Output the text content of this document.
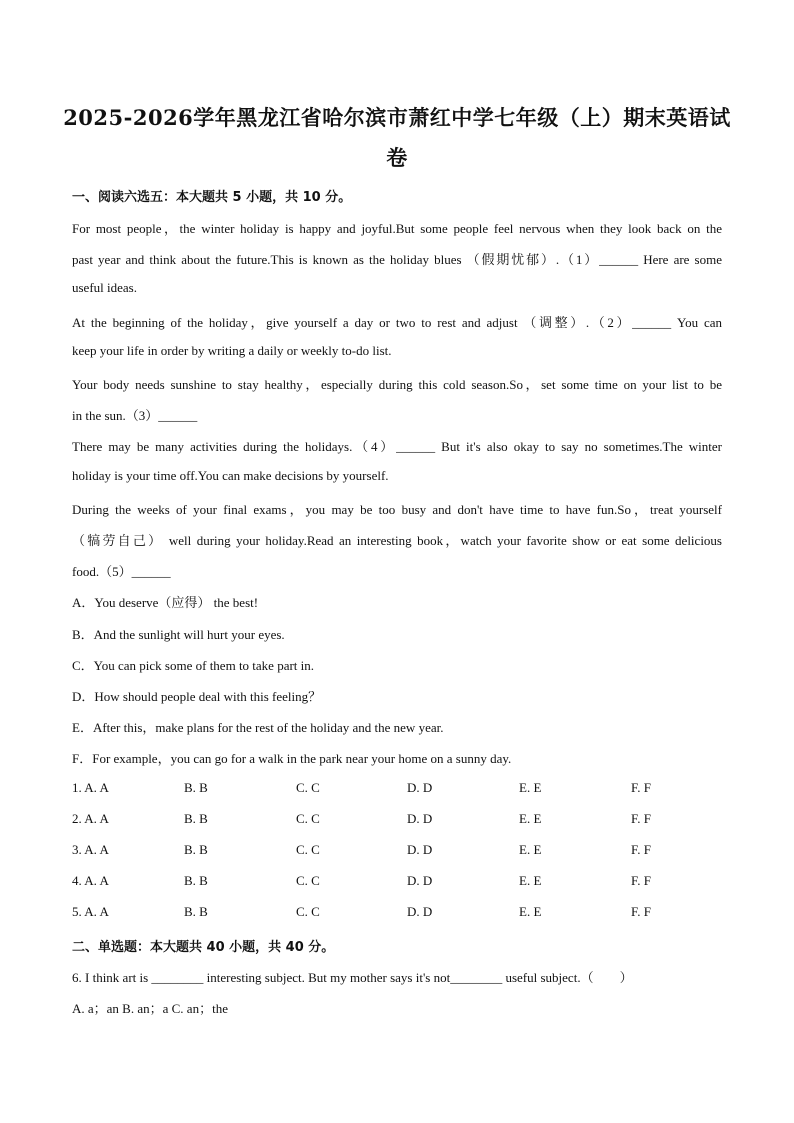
2025-2026学年黑龙江省哈尔滨市萧红中学七年级（上）期末英语试
卷
一、阅读六选五：本大题共 5 小题，共 10 分。
For most people，the winter holiday is happy and joyful.But some people feel nervous when they look back on the
past year and think about the future.This is known as the holiday blues （假期忧郁）.（1）______ Here are some
useful ideas.
At the beginning of the holiday，give yourself a day or two to rest and adjust （调整）.（2）______ You can
keep your life in order by writing a daily or weekly to-do list.
Your body needs sunshine to stay healthy，especially during this cold season.So，set some time on your list to be
in the sun.（3）______
There may be many activities during the holidays.（4）______ But it's also okay to say no sometimes.The winter
holiday is your time off.You can make decisions by yourself.
During the weeks of your final exams，you may be too busy and don't have time to have fun.So，treat yourself
（犒劳自己） well during your holiday.Read an interesting book，watch your favorite show or eat some delicious
food.（5）______
A．You deserve（应得） the best!
B．And the sunlight will hurt your eyes.
C．You can pick some of them to take part in.
D．How should people deal with this feeling？
E．After this，make plans for the rest of the holiday and the new year.
F．For example，you can go for a walk in the park near your home on a sunny day.
1. A. A	B. B	C. C	D. D	E. E	F. F
2. A. A	B. B	C. C	D. D	E. E	F. F
3. A. A	B. B	C. C	D. D	E. E	F. F
4. A. A	B. B	C. C	D. D	E. E	F. F
5. A. A	B. B	C. C	D. D	E. E	F. F
二、单选题：本大题共 40 小题，共 40 分。
6. I think art is ________ interesting subject. But my mother says it's not________ useful subject.（　　）
A. a；an B. an；a C. an；the
